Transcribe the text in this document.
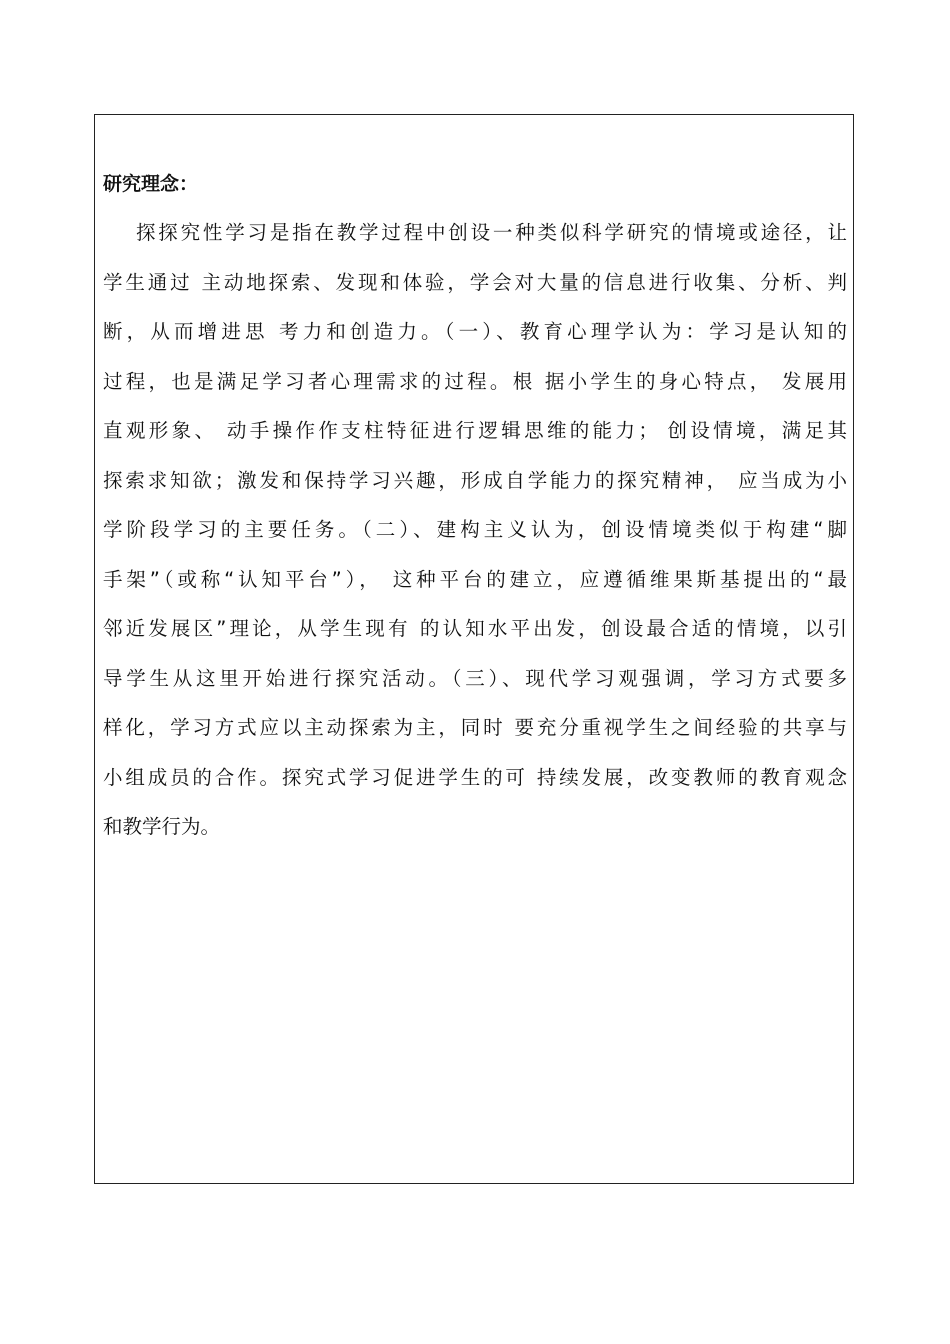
研究理念：
探探究性学习是指在教学过程中创设一种类似科学研究的情境或途径，让
学生通过 主动地探索、发现和体验，学会对大量的信息进行收集、分析、判
断，从而增进思 考力和创造力。（一）、教育心理学认为：学习是认知的
过程，也是满足学习者心理需求的过程。根 据小学生的身心特点， 发展用
直观形象、 动手操作作支柱特征进行逻辑思维的能力； 创设情境，满足其
探索求知欲；激发和保持学习兴趣，形成自学能力的探究精神， 应当成为小
学阶段学习的主要任务。（二）、建构主义认为，创设情境类似于构建“脚
手架”（或称“认知平台”）， 这种平台的建立，应遵循维果斯基提出的“最
邻近发展区”理论，从学生现有 的认知水平出发，创设最合适的情境，以引
导学生从这里开始进行探究活动。（三）、现代学习观强调，学习方式要多
样化，学习方式应以主动探索为主，同时 要充分重视学生之间经验的共享与
小组成员的合作。探究式学习促进学生的可 持续发展，改变教师的教育观念
和教学行为。
